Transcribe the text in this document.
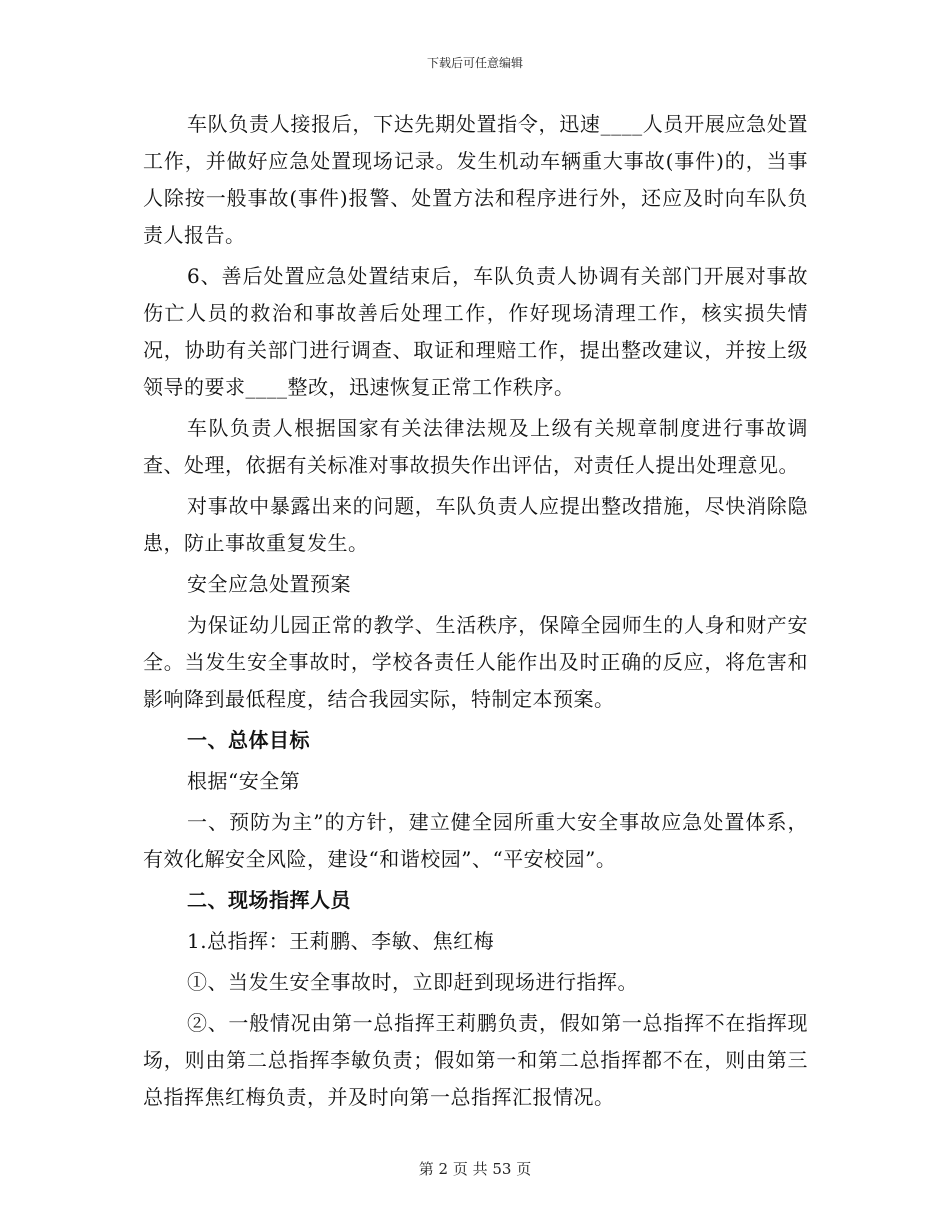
下载后可任意编辑

车队负责人接报后，下达先期处置指令，迅速____人员开展应急处置工作，并做好应急处置现场记录。发生机动车辆重大事故(事件)的，当事人除按一般事故(事件)报警、处置方法和程序进行外，还应及时向车队负责人报告。

6、善后处置应急处置结束后，车队负责人协调有关部门开展对事故伤亡人员的救治和事故善后处理工作，作好现场清理工作，核实损失情况，协助有关部门进行调查、取证和理赔工作，提出整改建议，并按上级领导的要求____整改，迅速恢复正常工作秩序。

车队负责人根据国家有关法律法规及上级有关规章制度进行事故调查、处理，依据有关标准对事故损失作出评估，对责任人提出处理意见。

对事故中暴露出来的问题，车队负责人应提出整改措施，尽快消除隐患，防止事故重复发生。

安全应急处置预案

为保证幼儿园正常的教学、生活秩序，保障全园师生的人身和财产安全。当发生安全事故时，学校各责任人能作出及时正确的反应，将危害和影响降到最低程度，结合我园实际，特制定本预案。

一、总体目标

根据“安全第

一、预防为主”的方针，建立健全园所重大安全事故应急处置体系，有效化解安全风险，建设“和谐校园”、“平安校园”。

二、现场指挥人员

1.总指挥：王莉鹏、李敏、焦红梅

①、当发生安全事故时，立即赶到现场进行指挥。

②、一般情况由第一总指挥王莉鹏负责，假如第一总指挥不在指挥现场，则由第二总指挥李敏负责；假如第一和第二总指挥都不在，则由第三总指挥焦红梅负责，并及时向第一总指挥汇报情况。

第 2 页 共 53 页
